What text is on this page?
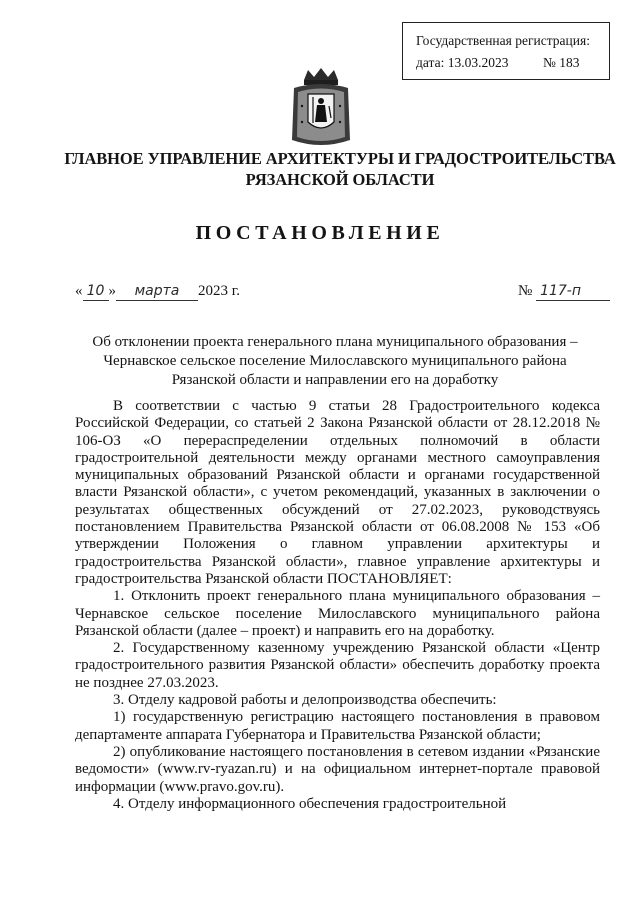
Государственная регистрация:
дата: 13.03.2023	№ 183
ГЛАВНОЕ УПРАВЛЕНИЕ АРХИТЕКТУРЫ И ГРАДОСТРОИТЕЛЬСТВА
РЯЗАНСКОЙ ОБЛАСТИ
ПОСТАНОВЛЕНИЕ
« 10 » марта 2023 г.	№ 117-п
Об отклонении проекта генерального плана муниципального образования –
Чернавское сельское поселение Милославского муниципального района
Рязанской области и направлении его на доработку

В соответствии с частью 9 статьи 28 Градостроительного кодекса Российской Федерации, со статьей 2 Закона Рязанской области от 28.12.2018 № 106-ОЗ «О перераспределении отдельных полномочий в области градостроительной деятельности между органами местного самоуправления муниципальных образований Рязанской области и органами государственной власти Рязанской области», с учетом рекомендаций, указанных в заключении о результатах общественных обсуждений от 27.02.2023, руководствуясь постановлением Правительства Рязанской области от 06.08.2008 № 153 «Об утверждении Положения о главном управлении архитектуры и градостроительства Рязанской области», главное управление архитектуры и градостроительства Рязанской области ПОСТАНОВЛЯЕТ:

1. Отклонить проект генерального плана муниципального образования – Чернавское сельское поселение Милославского муниципального района Рязанской области (далее – проект) и направить его на доработку.

2. Государственному казенному учреждению Рязанской области «Центр градостроительного развития Рязанской области» обеспечить доработку проекта не позднее 27.03.2023.

3. Отделу кадровой работы и делопроизводства обеспечить:

1) государственную регистрацию настоящего постановления в правовом департаменте аппарата Губернатора и Правительства Рязанской области;

2) опубликование настоящего постановления в сетевом издании «Рязанские ведомости» (www.rv-ryazan.ru) и на официальном интернет-портале правовой информации (www.pravo.gov.ru).

4. Отделу информационного обеспечения градостроительной
